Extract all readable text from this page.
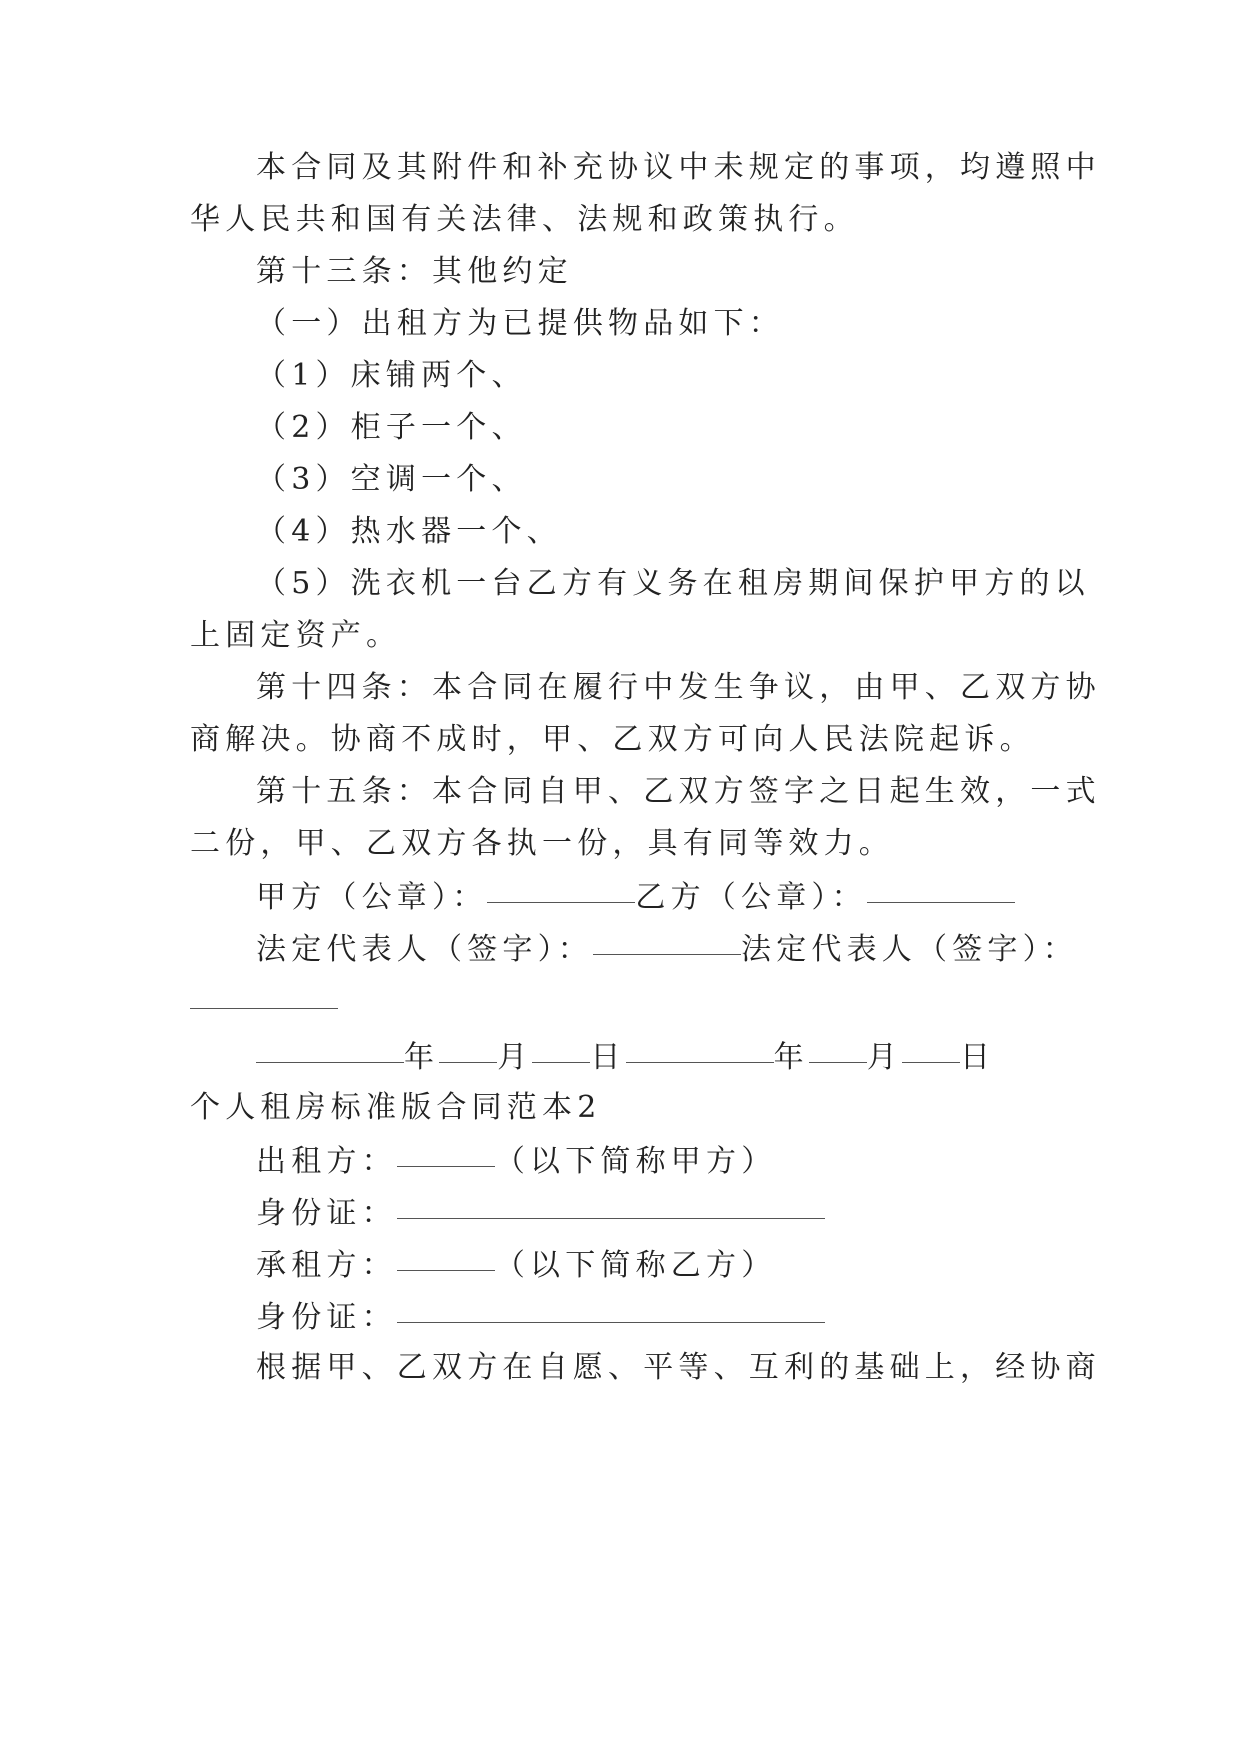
本合同及其附件和补充协议中未规定的事项，均遵照中

华人民共和国有关法律、法规和政策执行。

第十三条：其他约定

（一）出租方为已提供物品如下：

（1）床铺两个、

（2）柜子一个、

（3）空调一个、

（4）热水器一个、

（5）洗衣机一台乙方有义务在租房期间保护甲方的以

上固定资产。

第十四条：本合同在履行中发生争议，由甲、乙双方协

商解决。协商不成时，甲、乙双方可向人民法院起诉。

第十五条：本合同自甲、乙双方签字之日起生效，一式

二份，甲、乙双方各执一份，具有同等效力。

甲方（公章）：	乙方（公章）：

法定代表人（签字）：	法定代表人（签字）：

年 月 日	年 月 日

个人租房标准版合同范本2

出租方：	（以下简称甲方）

身份证：

承租方：	（以下简称乙方）

身份证：

根据甲、乙双方在自愿、平等、互利的基础上，经协商
